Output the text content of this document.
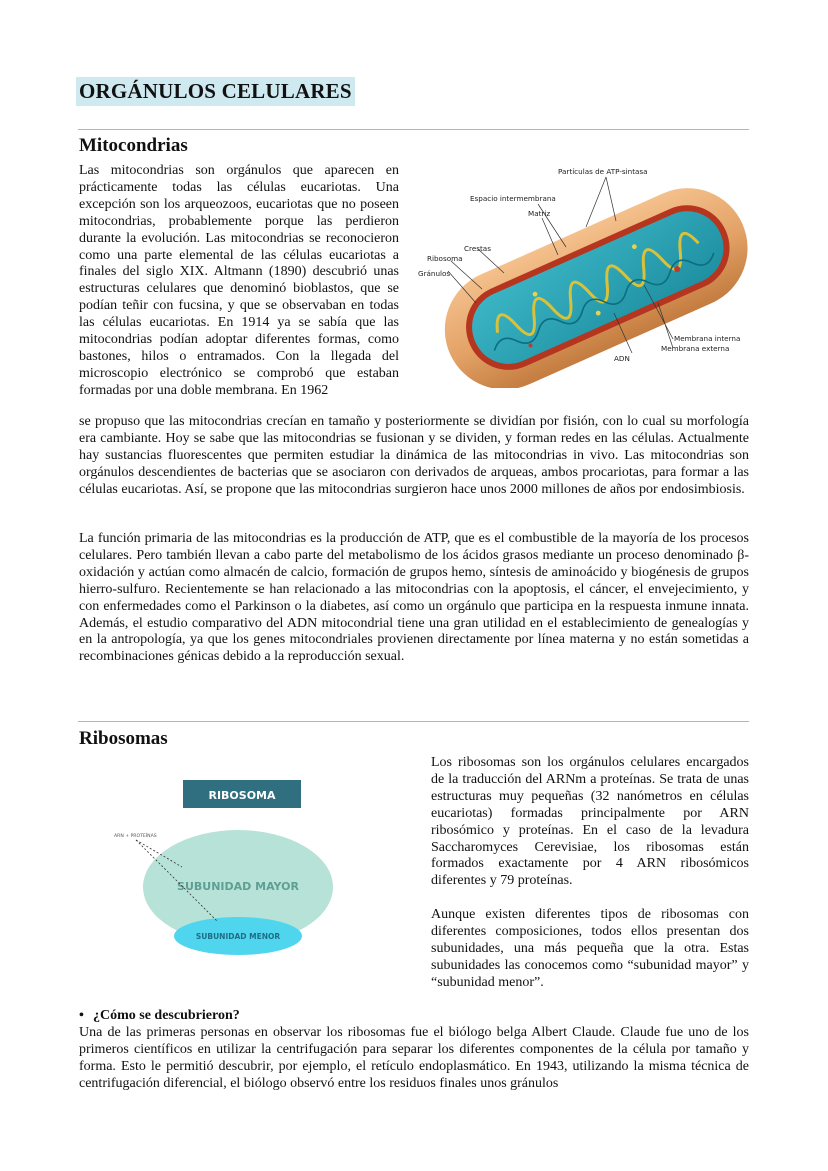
ORGÁNULOS CELULARES
Mitocondrias

Las mitocondrias son orgánulos que aparecen en prácticamente todas las células eucariotas. Una excepción son los arqueozoos, eucariotas que no poseen mitocondrias, probablemente porque las perdieron durante la evolución. Las mitocondrias se reconocieron como una parte elemental de las células eucariotas a finales del siglo XIX. Altmann (1890) descubrió unas estructuras celulares que denominó bioblastos, que se podían teñir con fucsina, y que se observaban en todas las células eucariotas. En 1914 ya se sabía que las mitocondrias podían adoptar diferentes formas, como bastones, hilos o entramados. Con la llegada del microscopio electrónico se comprobó que estaban formadas por una doble membrana. En 1962

Partículas de ATP-sintasa
Espacio intermembrana
Matriz
Crestas
Ribosoma
Gránulos
ADN
Membrana interna
Membrana externa

se propuso que las mitocondrias crecían en tamaño y posteriormente se dividían por fisión, con lo cual su morfología era cambiante. Hoy se sabe que las mitocondrias se fusionan y se dividen, y forman redes en las células. Actualmente hay sustancias fluorescentes que permiten estudiar la dinámica de las mitocondrias in vivo. Las mitocondrias son orgánulos descendientes de bacterias que se asociaron con derivados de arqueas, ambos procariotas, para formar a las células eucariotas. Así, se propone que las mitocondrias surgieron hace unos 2000 millones de años por endosimbiosis.

La función primaria de las mitocondrias es la producción de ATP, que es el combustible de la mayoría de los procesos celulares. Pero también llevan a cabo parte del metabolismo de los ácidos grasos mediante un proceso denominado β-oxidación y actúan como almacén de calcio, formación de grupos hemo, síntesis de aminoácido y biogénesis de grupos hierro-sulfuro. Recientemente se han relacionado a las mitocondrias con la apoptosis, el cáncer, el envejecimiento, y con enfermedades como el Parkinson o la diabetes, así como un orgánulo que participa en la respuesta inmune innata. Además, el estudio comparativo del ADN mitocondrial tiene una gran utilidad en el establecimiento de genealogías y en la antropología, ya que los genes mitocondriales provienen directamente por línea materna y no están sometidas a recombinaciones génicas debido a la reproducción sexual.

Ribosomas
RIBOSOMA
SUBUNIDAD MAYOR
SUBUNIDAD MENOR
ARN + PROTEÍNAS

Los ribosomas son los orgánulos celulares encargados de la traducción del ARNm a proteínas. Se trata de unas estructuras muy pequeñas (32 nanómetros en células eucariotas) formadas principalmente por ARN ribosómico y proteínas. En el caso de la levadura Saccharomyces Cerevisiae, los ribosomas están formados exactamente por 4 ARN ribosómicos diferentes y 79 proteínas.

Aunque existen diferentes tipos de ribosomas con diferentes composiciones, todos ellos presentan dos subunidades, una más pequeña que la otra. Estas subunidades las conocemos como “subunidad mayor” y “subunidad menor”.

• ¿Cómo se descubrieron?

Una de las primeras personas en observar los ribosomas fue el biólogo belga Albert Claude. Claude fue uno de los primeros científicos en utilizar la centrifugación para separar los diferentes componentes de la célula por tamaño y forma. Esto le permitió descubrir, por ejemplo, el retículo endoplasmático. En 1943, utilizando la misma técnica de centrifugación diferencial, el biólogo observó entre los residuos finales unos gránulos
